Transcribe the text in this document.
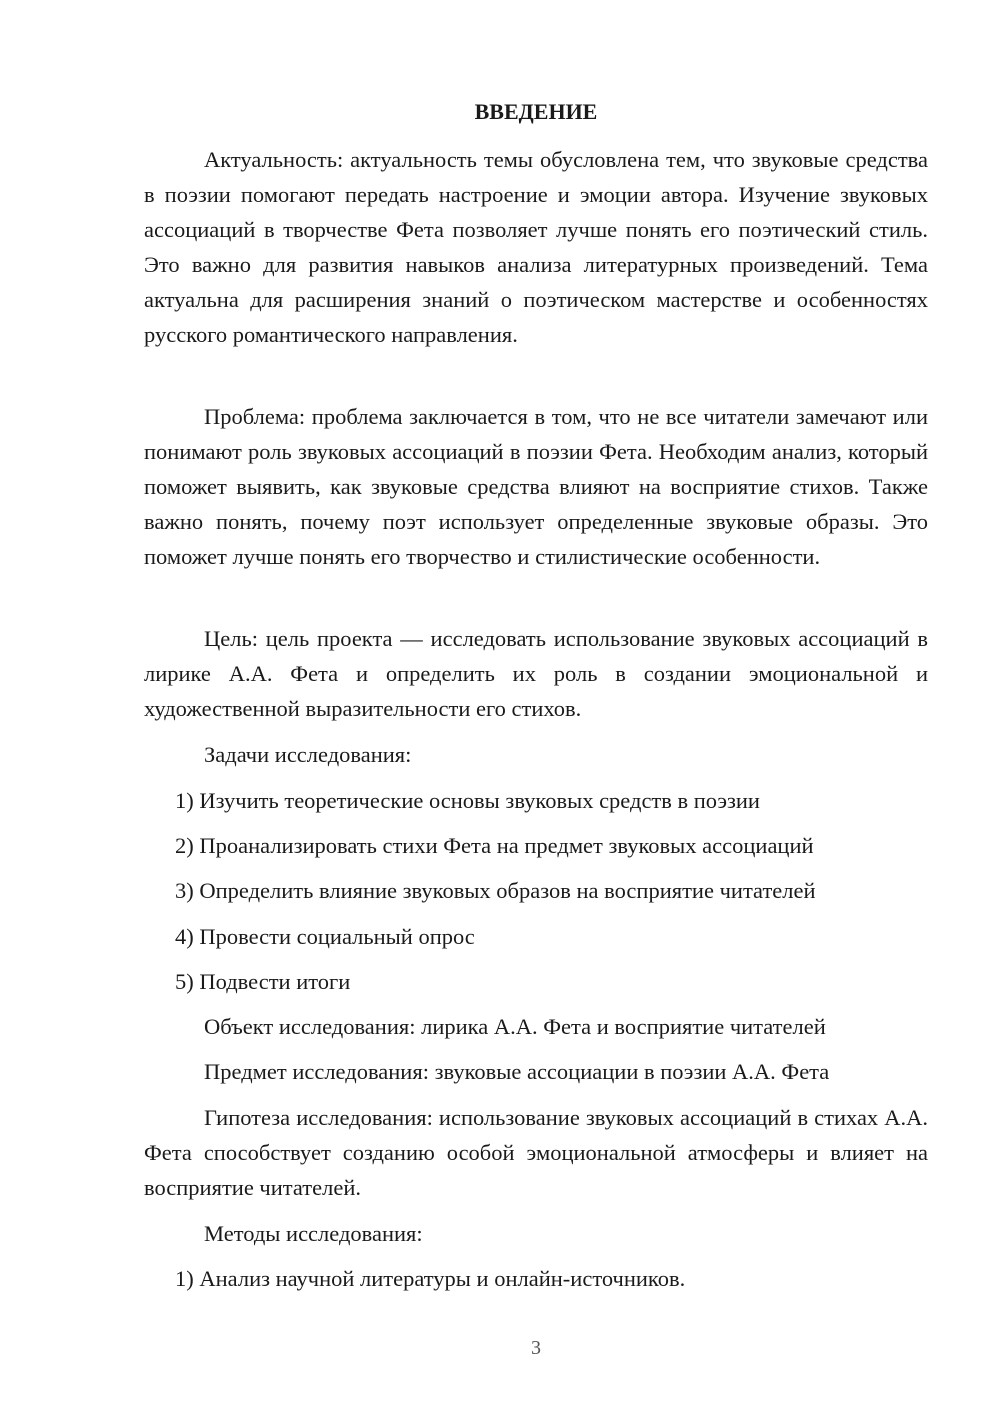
ВВЕДЕНИЕ

Актуальность: актуальность темы обусловлена тем, что звуковые средства в поэзии помогают передать настроение и эмоции автора. Изучение звуковых ассоциаций в творчестве Фета позволяет лучше понять его поэтический стиль. Это важно для развития навыков анализа литературных произведений. Тема актуальна для расширения знаний о поэтическом мастерстве и особенностях русского романтического направления.

Проблема: проблема заключается в том, что не все читатели замечают или понимают роль звуковых ассоциаций в поэзии Фета. Необходим анализ, который поможет выявить, как звуковые средства влияют на восприятие стихов. Также важно понять, почему поэт использует определенные звуковые образы. Это поможет лучше понять его творчество и стилистические особенности.

Цель: цель проекта — исследовать использование звуковых ассоциаций в лирике А.А. Фета и определить их роль в создании эмоциональной и художественной выразительности его стихов.

Задачи исследования:

1) Изучить теоретические основы звуковых средств в поэзии

2) Проанализировать стихи Фета на предмет звуковых ассоциаций

3) Определить влияние звуковых образов на восприятие читателей

4) Провести социальный опрос

5) Подвести итоги

Объект исследования: лирика А.А. Фета и восприятие читателей

Предмет исследования: звуковые ассоциации в поэзии А.А. Фета

Гипотеза исследования: использование звуковых ассоциаций в стихах А.А. Фета способствует созданию особой эмоциональной атмосферы и влияет на восприятие читателей.

Методы исследования:

1) Анализ научной литературы и онлайн-источников.

3
